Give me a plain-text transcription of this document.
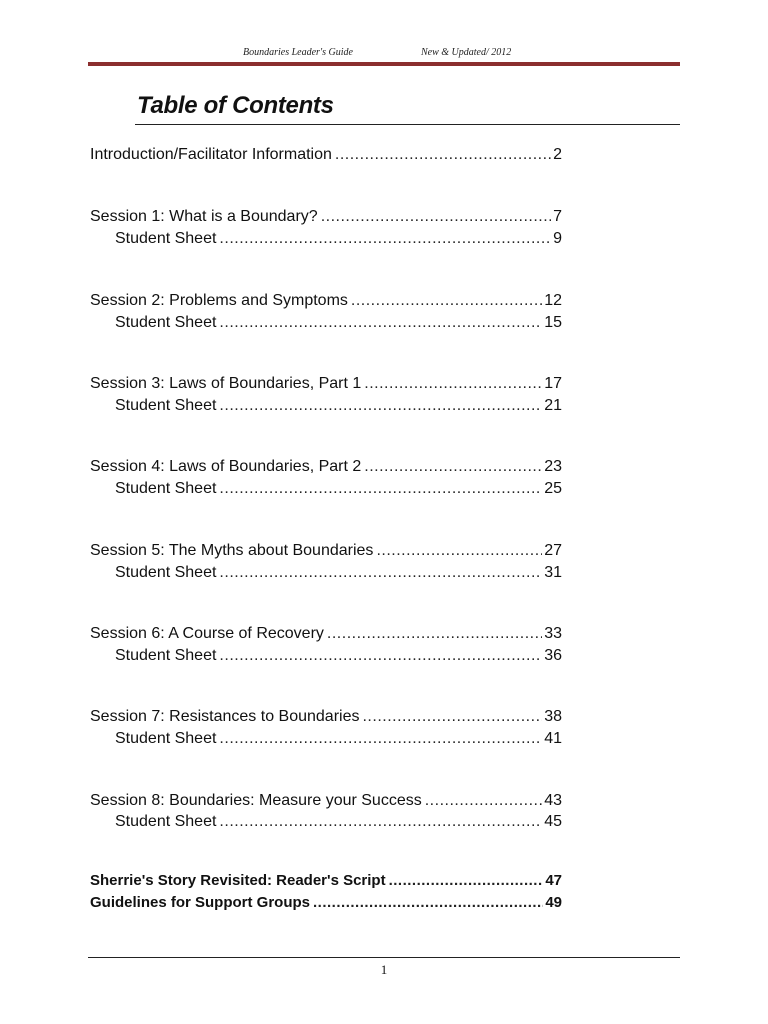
Boundaries Leader's Guide	New & Updated/ 2012
Table of Contents
Introduction/Facilitator Information .....	2
Session 1: What is a Boundary? .....	7
Student Sheet .....	9
Session 2: Problems and Symptoms .....	12
Student Sheet .....	15
Session 3: Laws of Boundaries, Part 1 .....	17
Student Sheet .....	21
Session 4: Laws of Boundaries, Part 2 .....	23
Student Sheet .....	25
Session 5: The Myths about Boundaries .....	27
Student Sheet .....	31
Session 6: A Course of Recovery .....	33
Student Sheet .....	36
Session 7: Resistances to Boundaries .....	38
Student Sheet .....	41
Session 8: Boundaries: Measure your Success .....	43
Student Sheet .....	45
Sherrie's Story Revisited: Reader's Script .....	47
Guidelines for Support Groups .....	49
1
